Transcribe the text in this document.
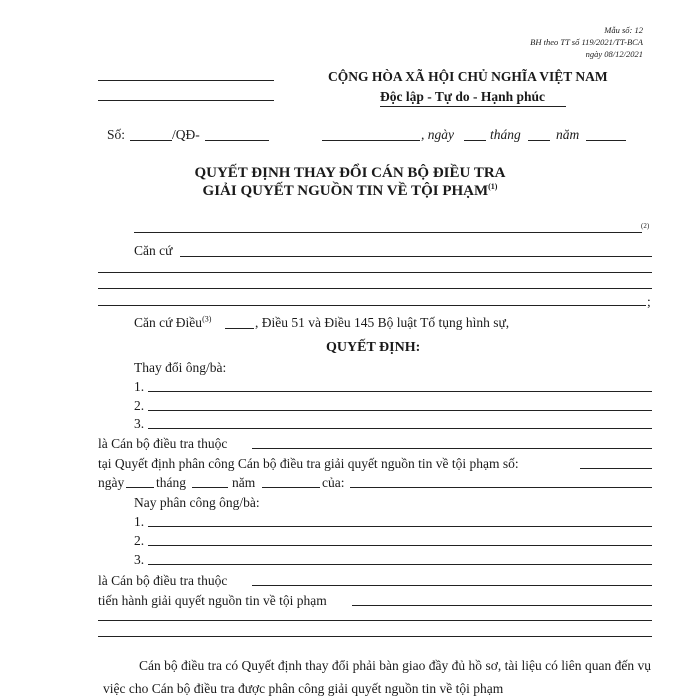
Mẫu số: 12
BH theo TT số 119/2021/TT-BCA
ngày 08/12/2021
CỘNG HÒA XÃ HỘI CHỦ NGHĨA VIỆT NAM
Độc lập - Tự do - Hạnh phúc
Số:	/QĐ-	, ngày	tháng	năm
QUYẾT ĐỊNH THAY ĐỔI CÁN BỘ ĐIỀU TRA
GIẢI QUYẾT NGUỒN TIN VỀ TỘI PHẠM$^{(1)}$
(2)
Căn cứ
;
Căn cứ Điều$^{(3)}$	, Điều 51 và Điều 145 Bộ luật Tố tụng hình sự,
QUYẾT ĐỊNH:
Thay đổi ông/bà:
1.
2.
3.
là Cán bộ điều tra thuộc
tại Quyết định phân công Cán bộ điều tra giải quyết nguồn tin về tội phạm số:
ngày tháng	năm	của:
Nay phân công ông/bà:
1.
2.
3.
là Cán bộ điều tra thuộc
tiến hành giải quyết nguồn tin về tội phạm
Cán bộ điều tra có Quyết định thay đổi phải bàn giao đầy đủ hồ sơ, tài liệu có liên quan đến vụ việc cho Cán bộ điều tra được phân công giải quyết nguồn tin về tội phạm
